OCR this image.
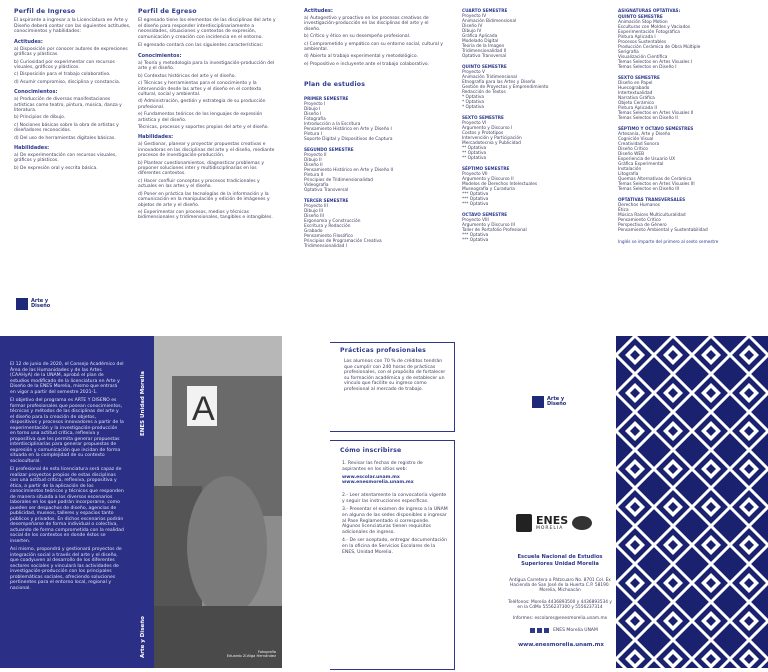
Perfil de Ingreso

El aspirante a ingresar a la Licenciatura en Arte y Diseño deberá contar con las siguientes actitudes, conocimientos y habilidades:

Actitudes:
a) Disposición por conocer autores de expresiones gráficas y plásticas.
b) Curiosidad por experimentar con recursos visuales, gráficos y plásticos.
c) Disposición para el trabajo colaborativo.
d) Asumir compromiso, disciplina y constancia.
Conocimientos:
a) Producción de diversas manifestaciones artísticas como teatro, pintura, música, danza y literatura.
b) Principios de dibujo.
c) Nociones básicas sobre la obra de artistas y diseñadores reconocidos.
d) Del uso de herramientas digitales básicas.
Habilidades:
a) De experimentación con recursos visuales, gráficos y plásticos.
b) De expresión oral y escrita básica.
Arte y Diseño
Perfil de Egreso

El egresado tiene los elementos de las disciplinas del arte y el diseño para responder interdisciplinariamente a necesidades, situaciones y contextos de expresión, comunicación y creación con incidencia en el entorno.

El egresado contará con las siguientes características:

Conocimientos:
a) Teoría y metodología para la investigación-producción del arte y el diseño.
b) Contextos históricos del arte y el diseño.
c) Técnicas y herramientas para el conocimiento y la intervención desde las artes y el diseño en el contexto cultural, social y ambiental.
d) Administración, gestión y estrategia de su producción profesional.
e) Fundamentos teóricos de los lenguajes de expresión artística y del diseño.
Técnicas, procesos y soportes propios del arte y el diseño.
Habilidades:
a) Gestionar, planear y proyectar propuestas creativas e innovadoras en las disciplinas del arte y el diseño, mediante procesos de investigación-producción.
b) Plantear cuestionamientos, diagnosticar problemas y proponer soluciones inter y multidisciplinarias en los diferentes contextos.
c) Hacer confluir conceptos y procesos tradicionales y actuales en las artes y el diseño.
d) Poner en práctica las tecnologías de la información y la comunicación en la manipulación y edición de imágenes y objetos de arte y el diseño.
e) Experimentar con procesos, medios y técnicas bidimensionales y tridimensionales, tangibles e intangibles.
Actitudes:
a) Autogestivo y proactivo en los procesos creativos de investigación-producción en las disciplinas del arte y el diseño.
b) Crítico y ético en su desempeño profesional.
c) Comprometido y empático con su entorno social, cultural y ambiental.
d) Abierto al trabajo experimental y metodológico.
e) Propositivo e incluyente ante el trabajo colaborativo.
Plan de estudios
PRIMER SEMESTRE
Proyecto I
Dibujo I
Diseño I
Fotografía
Introducción a la Escritura
Pensamiento Histórico en Arte y Diseño I
Pintura I
Soporte Digital y Dispositivos de Captura
SEGUNDO SEMESTRE
Proyecto II
Dibujo II
Diseño II
Pensamiento Histórico en Arte y Diseño II
Pintura II
Principios de Tridimensionalidad
Videografía
Optativa Transversal
TERCER SEMESTRE
Proyecto III
Dibujo III
Diseño III
Ergonomía y Construcción
Escritura y Redacción
Grabado
Pensamiento Filosófico
Principios de Programación Creativa
Tridimensionalidad I
CUARTO SEMESTRE
Proyecto IV
Animación Bidimensional
Diseño IV
Dibujo IV
Gráfica Aplicada
Modelado Digital
Teoría de la Imagen
Tridimensionalidad II
Optativa Transversal
QUINTO SEMESTRE
Proyecto V
Animación Tridimensional
Etnografía para las Artes y Diseño
Gestión de Proyectos y Emprendimiento
Redacción de Textos
* Optativa
* Optativa
* Optativa
SEXTO SEMESTRE
Proyecto VI
Argumento y Discurso I
Costos y Prototipos
Intervención y Participación
Mercadotecnia y Publicidad
** Optativa
** Optativa
** Optativa
SÉPTIMO SEMESTRE
Proyecto VII
Argumento y Discurso II
Modelos de Derechos Intelectuales
Museografía y Curaduría
*** Optativa
*** Optativa
*** Optativa
OCTAVO SEMESTRE
Proyecto VIII
Argumento y Discurso III
Taller de Portafolio Profesional
*** Optativa
*** Optativa
ASIGNATURAS OPTATIVAS:
QUINTO SEMESTRE
Animación Stop Motion
Esculturas con Moldes y Vaciados
Experimentación Fotográfica
Pintura Aplicada I
Procesos Sustentables
Producción Cerámica de Obra Múltiple
Serigrafía
Visualización Científica
Temas Selectos en Artes Visuales I
Temas Selectos en Diseño I
SEXTO SEMESTRE
Diseño en Papel
Huecograbado
Intertextualidad
Narrativa Gráfica
Objeto Cerámico
Pintura Aplicada II
Temas Selectos en Artes Visuales II
Temas Selectos en Diseño II
SÉPTIMO Y OCTAVO SEMESTRES
Artesanía, Arte y Diseño
Cognición Visual
Creatividad Sonora
Diseño Crítico
Diseño WEB
Experiencia de Usuario UX
Gráfica Experimental
Instalación
Litografía
Quemas Alternativas de Cerámica
Temas Selectos en Artes Visuales III
Temas Selectos en Diseño III
OPTATIVAS TRANSVERSALES
Derechos Humanos
Ética
Música Raíces Multiculturalidad
Pensamiento Crítico
Perspectiva de Género
Pensamiento Ambiental y Sustentabilidad
Inglés se imparte del primero al sexto semestre

El 12 de junio de 2020, el Consejo Académico del Área de las Humanidades y de las Artes (CAAHyA) de la UNAM, aprobó el plan de estudios modificado de la licenciatura en Arte y Diseño de la ENES Morelia, mismo que entrará en vigor a partir del semestre 2021-1.

El objetivo del programa es ARTE Y DISEÑO es formar profesionales que posean conocimientos, técnicas y métodos de las disciplinas del arte y el diseño para la creación de objetos, dispositivos y procesos innovadores a partir de la experimentación y la investigación-producción en torno una actitud crítica, reflexiva y propositiva que les permita generar propuestas interdisciplinarias para generar propuestas de expresión y comunicación que incidan de forma situada en la complejidad de su contexto sociocultural.

El profesional de esta licenciatura será capaz de realizar proyectos propios de estas disciplinas con una actitud crítica, reflexiva, propositiva y ética, a partir de la aplicación de los conocimientos teóricos y técnicos que responden de manera situada a los diversos escenarios laborales en los que podrán incorporarse, como pueden ser despachos de diseño, agencias de publicidad, museos, talleres y espacios tanto públicos y privados. En dichos escenarios podrán desempeñarse de forma individual o colectiva, actuando de forma comprometida con la realidad social de los contextos en donde éstos se inserten.

Así mismo, propondrá y gestionará proyectos de integración social a través del arte y el diseño, que coadyuven al desarrollo de los diferentes sectores sociales y vinculará las actividades de investigación-producción con los principales problemáticas sociales, ofreciendo soluciones pertinentes para el entorno local, regional y nacional.

A
Arte y Diseño
ENES Unidad Morelia
Fotografía
Eduardo Zúñiga Hernández
Prácticas profesionales

Los alumnos con 70 % de créditos tendrán que cumplir con 240 horas de prácticas profesionales, con el propósito de fortalecer su formación académica y de establecer un vínculo que facilite su ingreso como profesional al mercado de trabajo.

Cómo inscribirse

1. Revisar las fechas de registro de aspirantes en los sitios web:

www.escolar.unam.mx
www.enesmorelia.unam.mx

2.- Leer atentamente la convocatoria vigente y seguir las instrucciones específicas.

3.- Presentar el examen de ingreso a la UNAM en alguna de las sedes disponibles o ingresar al Pase Reglamentado si corresponde. Algunos licenciaturas tienen requisitos adicionales de ingreso.

4.- De ser aceptado, entregar documentación en la oficina de Servicios Escolares de la ENES, Unidad Morelia.

Arte y Diseño
ENES
MORELIA
Escuela Nacional de Estudios Superiores Unidad Morelia
Antigua Carretera a Pátzcuaro No. 8701 Col. Ex Hacienda de San José de la Huerta C.P. 58190. Morelia, Michoacán
Teléfonos: Morelia 4436893500 y 4436893534 y en la CdMx 5556237300 y 5556237314
Informes: escolares@enesmorelia.unam.mx
ENES Morelia UNAM
www.enesmorelia.unam.mx
